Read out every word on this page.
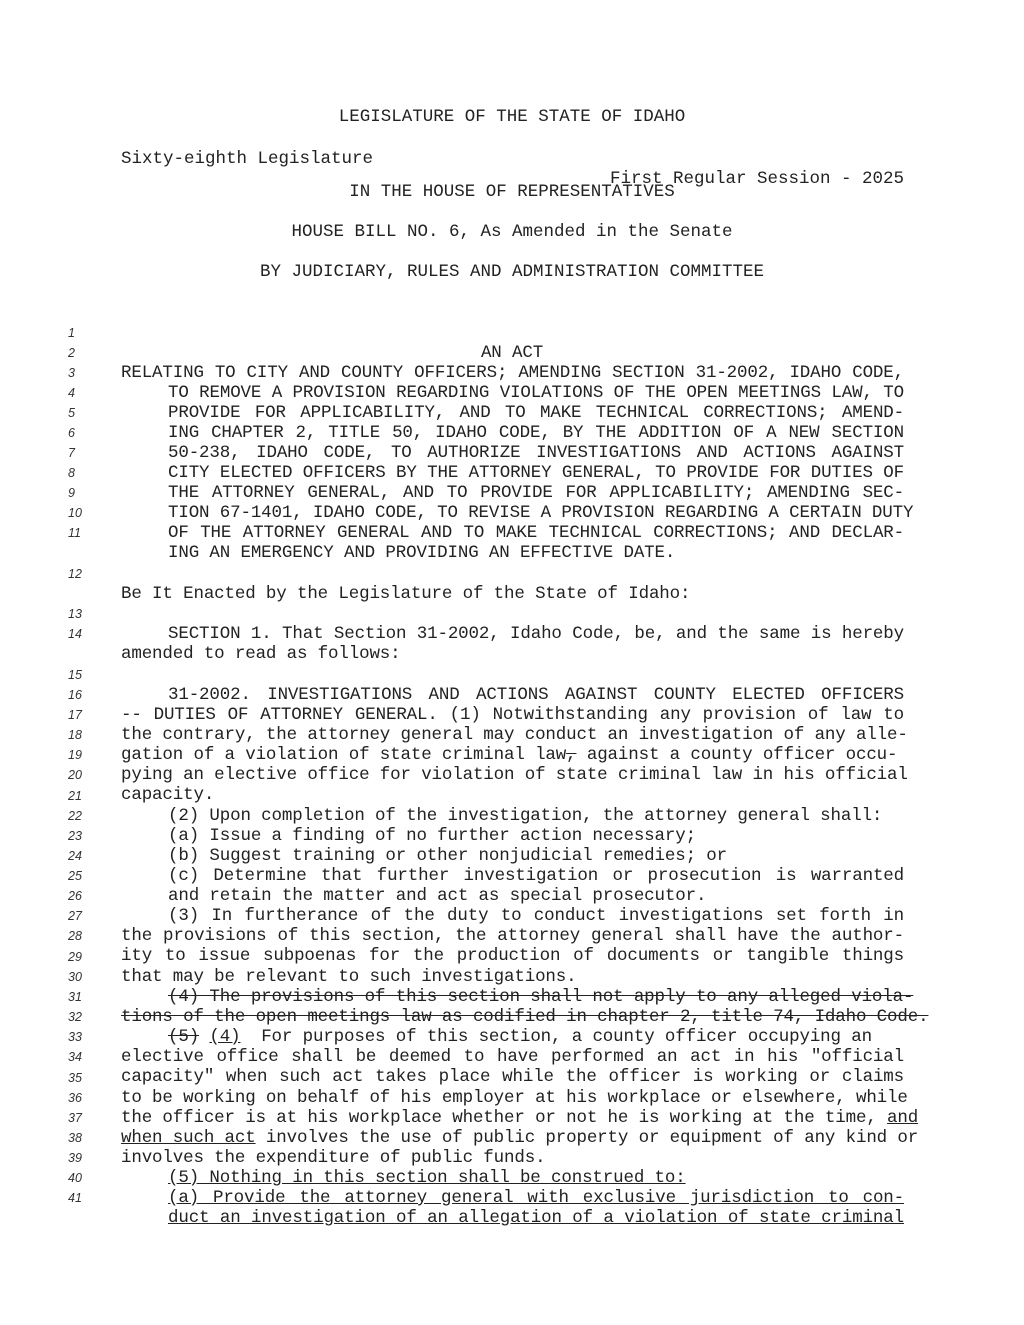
LEGISLATURE OF THE STATE OF IDAHO

Sixty-eighth Legislature

First Regular Session - 2025

IN THE HOUSE OF REPRESENTATIVES
HOUSE BILL NO. 6, As Amended in the Senate
BY JUDICIARY, RULES AND ADMINISTRATION COMMITTEE

1

AN ACT

2

RELATING TO CITY AND COUNTY OFFICERS; AMENDING SECTION 31-2002, IDAHO CODE,

3

TO REMOVE A PROVISION REGARDING VIOLATIONS OF THE OPEN MEETINGS LAW, TO

4

PROVIDE FOR APPLICABILITY, AND TO MAKE TECHNICAL CORRECTIONS; AMEND-

5

ING CHAPTER 2, TITLE 50, IDAHO CODE, BY THE ADDITION OF A NEW SECTION

6

50-238, IDAHO CODE, TO AUTHORIZE INVESTIGATIONS AND ACTIONS AGAINST

7

CITY ELECTED OFFICERS BY THE ATTORNEY GENERAL, TO PROVIDE FOR DUTIES OF

8

THE ATTORNEY GENERAL, AND TO PROVIDE FOR APPLICABILITY; AMENDING SEC-

9

TION 67-1401, IDAHO CODE, TO REVISE A PROVISION REGARDING A CERTAIN DUTY

10

OF THE ATTORNEY GENERAL AND TO MAKE TECHNICAL CORRECTIONS; AND DECLAR-

11

ING AN EMERGENCY AND PROVIDING AN EFFECTIVE DATE.

12

Be It Enacted by the Legislature of the State of Idaho:

13

SECTION 1. That Section 31-2002, Idaho Code, be, and the same is hereby

14

amended to read as follows:

15

31-2002. INVESTIGATIONS AND ACTIONS AGAINST COUNTY ELECTED OFFICERS

16

-- DUTIES OF ATTORNEY GENERAL. (1) Notwithstanding any provision of law to

17

the contrary, the attorney general may conduct an investigation of any alle-

18

gation of a violation of state criminal law, against a county officer occu-

19

pying an elective office for violation of state criminal law in his official

20

capacity.

21

(2) Upon completion of the investigation, the attorney general shall:

22

(a) Issue a finding of no further action necessary;

23

(b) Suggest training or other nonjudicial remedies; or

24

(c) Determine that further investigation or prosecution is warranted

25

and retain the matter and act as special prosecutor.

26

(3) In furtherance of the duty to conduct investigations set forth in

27

the provisions of this section, the attorney general shall have the author-

28

ity to issue subpoenas for the production of documents or tangible things

29

that may be relevant to such investigations.

30

(4) The provisions of this section shall not apply to any alleged viola-

31

tions of the open meetings law as codified in chapter 2, title 74, Idaho Code.

32

(5) (4)  For purposes of this section, a county officer occupying an

33

elective office shall be deemed to have performed an act in his "official

34

capacity" when such act takes place while the officer is working or claims

35

to be working on behalf of his employer at his workplace or elsewhere, while

36

the officer is at his workplace whether or not he is working at the time, and

37

when such act involves the use of public property or equipment of any kind or

38

involves the expenditure of public funds.

39

(5) Nothing in this section shall be construed to:

40

(a) Provide the attorney general with exclusive jurisdiction to con-

41

duct an investigation of an allegation of a violation of state criminal
